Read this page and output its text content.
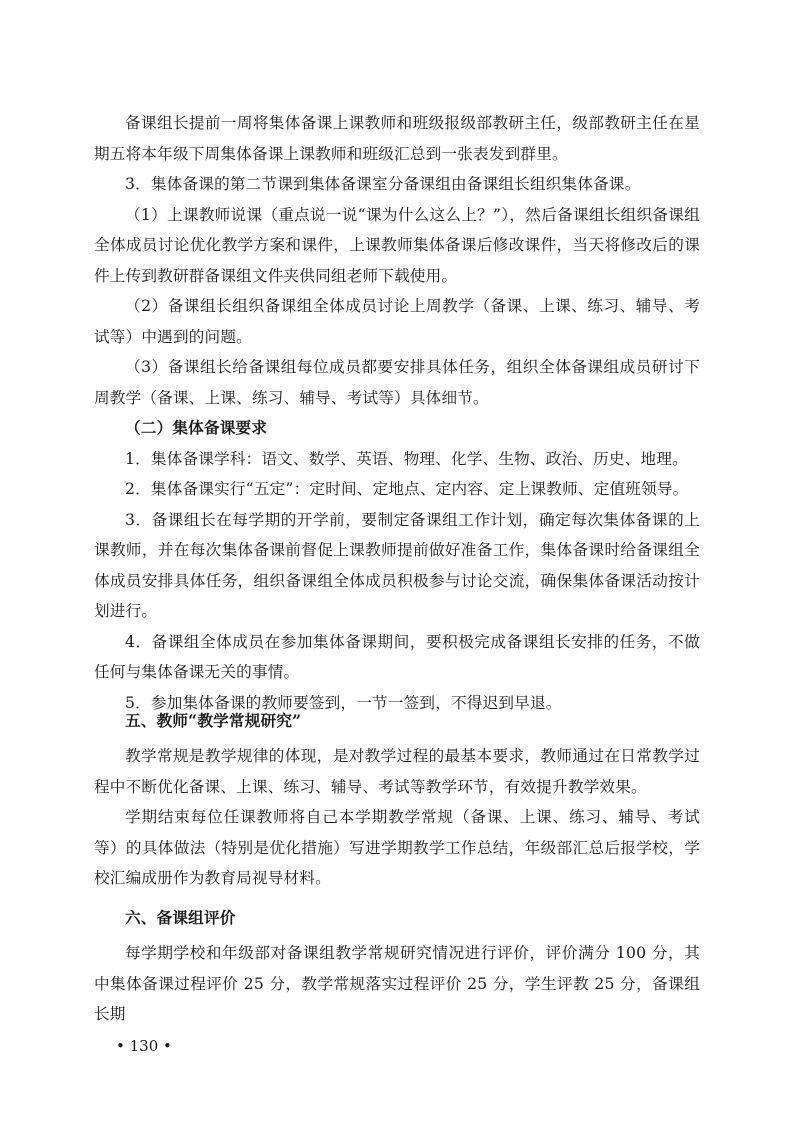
备课组长提前一周将集体备课上课教师和班级报级部教研主任，级部教研主任在星期五将本年级下周集体备课上课教师和班级汇总到一张表发到群里。

3．集体备课的第二节课到集体备课室分备课组由备课组长组织集体备课。

（1）上课教师说课（重点说一说“课为什么这么上？”），然后备课组长组织备课组全体成员讨论优化教学方案和课件，上课教师集体备课后修改课件，当天将修改后的课件上传到教研群备课组文件夹供同组老师下载使用。

（2）备课组长组织备课组全体成员讨论上周教学（备课、上课、练习、辅导、考试等）中遇到的问题。

（3）备课组长给备课组每位成员都要安排具体任务，组织全体备课组成员研讨下周教学（备课、上课、练习、辅导、考试等）具体细节。

（二）集体备课要求

1．集体备课学科：语文、数学、英语、物理、化学、生物、政治、历史、地理。

2．集体备课实行“五定”：定时间、定地点、定内容、定上课教师、定值班领导。

3．备课组长在每学期的开学前，要制定备课组工作计划，确定每次集体备课的上课教师，并在每次集体备课前督促上课教师提前做好准备工作，集体备课时给备课组全体成员安排具体任务，组织备课组全体成员积极参与讨论交流，确保集体备课活动按计划进行。

4．备课组全体成员在参加集体备课期间，要积极完成备课组长安排的任务，不做任何与集体备课无关的事情。

5．参加集体备课的教师要签到，一节一签到，不得迟到早退。

五、教师“教学常规研究”

教学常规是教学规律的体现，是对教学过程的最基本要求，教师通过在日常教学过程中不断优化备课、上课、练习、辅导、考试等教学环节，有效提升教学效果。

学期结束每位任课教师将自己本学期教学常规（备课、上课、练习、辅导、考试等）的具体做法（特别是优化措施）写进学期教学工作总结，年级部汇总后报学校，学校汇编成册作为教育局视导材料。

六、备课组评价

每学期学校和年级部对备课组教学常规研究情况进行评价，评价满分 100 分，其中集体备课过程评价 25 分，教学常规落实过程评价 25 分，学生评教 25 分，备课组长期

• 130 •
